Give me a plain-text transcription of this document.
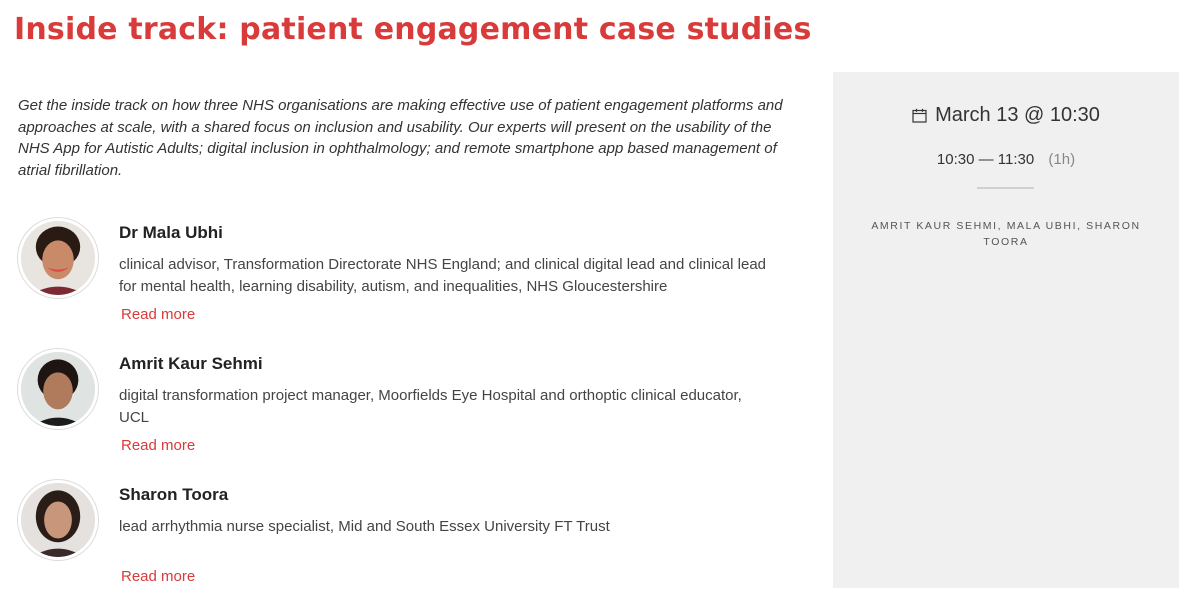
Inside track: patient engagement case studies

Get the inside track on how three NHS organisations are making effective use of patient engagement platforms and approaches at scale, with a shared focus on inclusion and usability. Our experts will present on the usability of the NHS App for Autistic Adults; digital inclusion in ophthalmology; and remote smartphone app based management of atrial fibrillation.

Dr Mala Ubhi
clinical advisor, Transformation Directorate NHS England; and clinical digital lead and clinical lead for mental health, learning disability, autism, and inequalities, NHS Gloucestershire
Read more
Amrit Kaur Sehmi
digital transformation project manager, Moorfields Eye Hospital and orthoptic clinical educator, UCL
Read more
Sharon Toora
lead arrhythmia nurse specialist, Mid and South Essex University FT Trust
Read more
March 13 @ 10:30
10:30 — 11:30 (1h)
AMRIT KAUR SEHMI, MALA UBHI, SHARON TOORA
